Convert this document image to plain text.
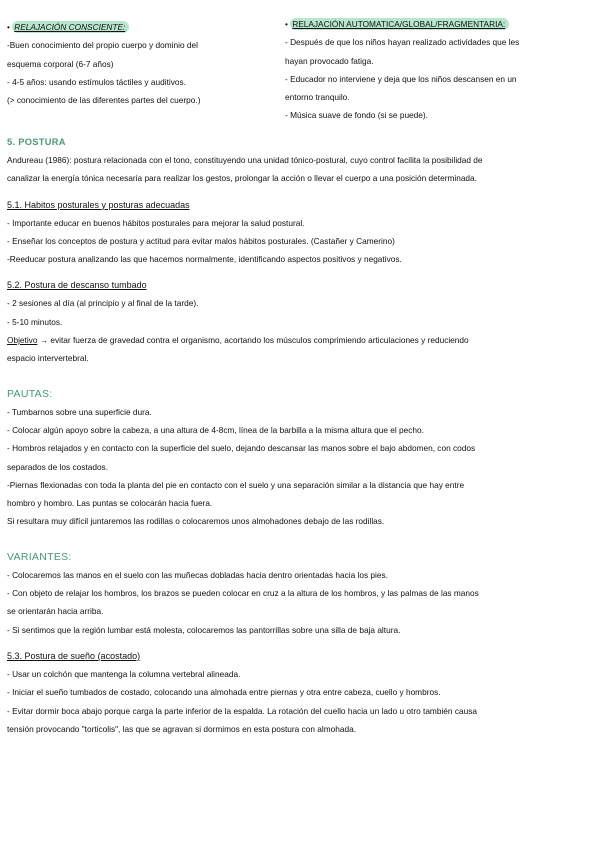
• RELAJACIÓN CONSCIENTE:
-Buen conocimiento del propio cuerpo y dominio del
esquema corporal (6-7 años)
- 4-5 años: usando estímulos táctiles y auditivos.
(> conocimiento de las diferentes partes del cuerpo.)
• RELAJACIÓN AUTOMATICA/GLOBAL/FRAGMENTARIA:
- Después de que los niños hayan realizado actividades que les
hayan provocado fatiga.
- Educador no interviene y deja que los niños descansen en un
entorno tranquilo.
- Música suave de fondo (si se puede).
5. POSTURA
Andureau (1986): postura relacionada con el tono, constituyendo una unidad tónico-postural, cuyo control facilita la posibilidad de
canalizar la energía tónica necesaria para realizar los gestos, prolongar la acción o llevar el cuerpo a una posición determinada.
5.1. Habitos posturales y posturas adecuadas
- Importante educar en buenos hábitos posturales para mejorar la salud postural.
- Enseñar los conceptos de postura y actitud para evitar malos hábitos posturales. (Castañer y Camerino)
-Reeducar postura analizando las que hacemos normalmente, identificando aspectos positivos y negativos.
5.2. Postura de descanso tumbado
- 2 sesiones al día (al principio y al final de la tarde).
- 5-10 minutos.
Objetivo → evitar fuerza de gravedad contra el organismo, acortando los músculos comprimiendo articulaciones y reduciendo
espacio intervertebral.
PAUTAS:
- Tumbarnos sobre una superficie dura.
- Colocar algún apoyo sobre la cabeza, a una altura de 4-8cm, línea de la barbilla a la misma altura que el pecho.
- Hombros relajados y en contacto con la superficie del suelo, dejando descansar las manos sobre el bajo abdomen, con codos
separados de los costados.
-Piernas flexionadas con toda la planta del pie en contacto con el suelo y una separación similar a la distancia que hay entre
hombro y hombro. Las puntas se colocarán hacia fuera.
Si resultara muy difícil juntaremos las rodillas o colocaremos unos almohadones debajo de las rodillas.
VARIANTES:
- Colocaremos las manos en el suelo con las muñecas dobladas hacia dentro orientadas hacia los pies.
- Con objeto de relajar los hombros, los brazos se pueden colocar en cruz a la altura de los hombros, y las palmas de las manos
se orientarán hacia arriba.
- Si sentimos que la región lumbar está molesta, colocaremos las pantorrillas sobre una silla de baja altura.
5.3. Postura de sueño (acostado)
- Usar un colchón que mantenga la columna vertebral alineada.
- Iniciar el sueño tumbados de costado, colocando una almohada entre piernas y otra entre cabeza, cuello y hombros.
- Evitar dormir boca abajo porque carga la parte inferior de la espalda. La rotación del cuello hacia un lado u otro también causa
tensión provocando "torticolis", las que se agravan si dormimos en esta postura con almohada.
